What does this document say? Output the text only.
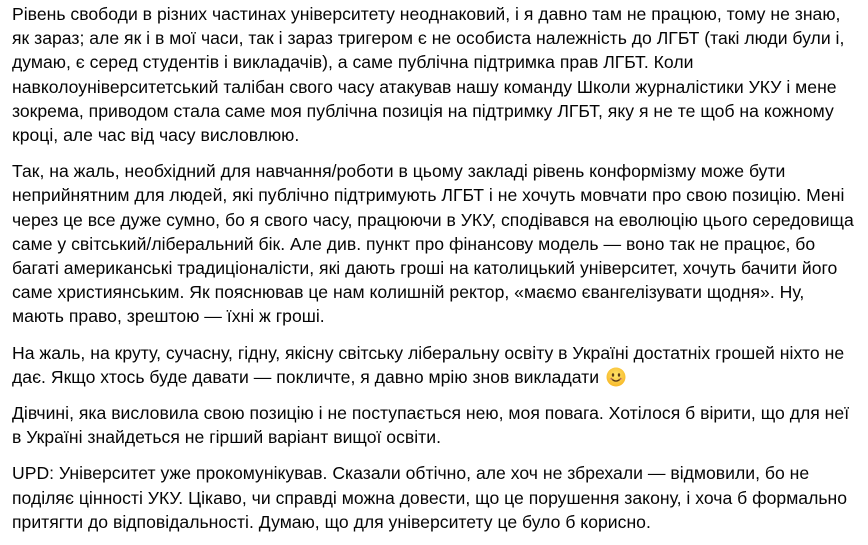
Рівень свободи в різних частинах університету неоднаковий, і я давно там не працюю, тому не знаю, як зараз; але як і в мої часи, так і зараз тригером є не особиста належність до ЛГБТ (такі люди були і, думаю, є серед студентів і викладачів), а саме публічна підтримка прав ЛГБТ. Коли навколоуніверситетський талібан свого часу атакував нашу команду Школи журналістики УКУ і мене зокрема, приводом стала саме моя публічна позиція на підтримку ЛГБТ, яку я не те щоб на кожному кроці, але час від часу висловлюю.

Так, на жаль, необхідний для навчання/роботи в цьому закладі рівень конформізму може бути неприйнятним для людей, які публічно підтримують ЛГБТ і не хочуть мовчати про свою позицію. Мені через це все дуже сумно, бо я свого часу, працюючи в УКУ, сподівався на еволюцію цього середовища саме у світський/ліберальний бік. Але див. пункт про фінансову модель — воно так не працює, бо багаті американські традиціоналісти, які дають гроші на католицький університет, хочуть бачити його саме християнським. Як пояснював це нам колишній ректор, «маємо євангелізувати щодня». Ну, мають право, зрештою — їхні ж гроші.

На жаль, на круту, сучасну, гідну, якісну світську ліберальну освіту в Україні достатніх грошей ніхто не дає. Якщо хтось буде давати — покличте, я давно мрію знов викладати

Дівчині, яка висловила свою позицію і не поступається нею, моя повага. Хотілося б вірити, що для неї в Україні знайдеться не гірший варіант вищої освіти.

UPD: Університет уже прокомунікував. Сказали обтічно, але хоч не збрехали — відмовили, бо не поділяє цінності УКУ. Цікаво, чи справді можна довести, що це порушення закону, і хоча б формально притягти до відповідальності. Думаю, що для університету це було б корисно.
